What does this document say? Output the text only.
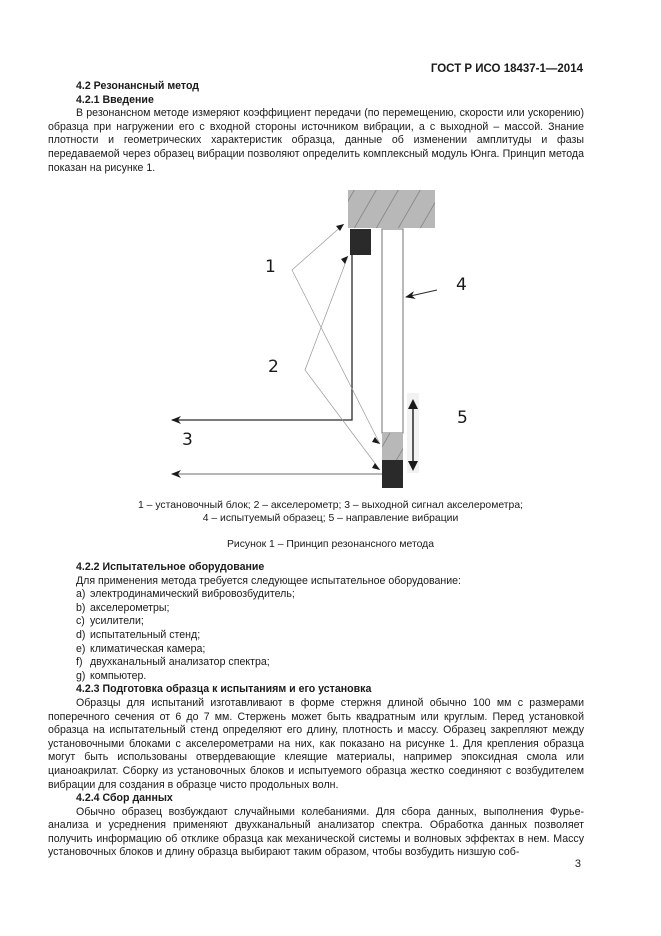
ГОСТ Р ИСО 18437-1—2014
4.2 Резонансный метод
4.2.1 Введение

В резонансном методе измеряют коэффициент передачи (по перемещению, скорости или ускорению) образца при нагружении его с входной стороны источником вибрации, а с выходной – массой. Знание плотности и геометрических характеристик образца, данные об изменении амплитуды и фазы передаваемой через образец вибрации позволяют определить комплексный модуль Юнга. Принцип метода показан на рисунке 1.

1
2
3
4
5
1 – установочный блок; 2 – акселерометр; 3 – выходной сигнал акселерометра;
4 – испытуемый образец; 5 – направление вибрации
Рисунок 1 – Принцип резонансного метода
4.2.2 Испытательное оборудование
Для применения метода требуется следующее испытательное оборудование:
a) электродинамический вибровозбудитель;
b) акселерометры;
c) усилители;
d) испытательный стенд;
e) климатическая камера;
f) двухканальный анализатор спектра;
g) компьютер.
4.2.3 Подготовка образца к испытаниям и его установка

Образцы для испытаний изготавливают в форме стержня длиной обычно 100 мм с размерами поперечного сечения от 6 до 7 мм. Стержень может быть квадратным или круглым. Перед установкой образца на испытательный стенд определяют его длину, плотность и массу. Образец закрепляют между установочными блоками с акселерометрами на них, как показано на рисунке 1. Для крепления образца могут быть использованы отвердевающие клеящие материалы, например эпоксидная смола или цианоакрилат. Сборку из установочных блоков и испытуемого образца жестко соединяют с возбудителем вибрации для создания в образце чисто продольных волн.

4.2.4 Сбор данных

Обычно образец возбуждают случайными колебаниями. Для сбора данных, выполнения Фурье-анализа и усреднения применяют двухканальный анализатор спектра. Обработка данных позволяет получить информацию об отклике образца как механической системы и волновых эффектах в нем. Массу установочных блоков и длину образца выбирают таким образом, чтобы возбудить низшую соб-

3
